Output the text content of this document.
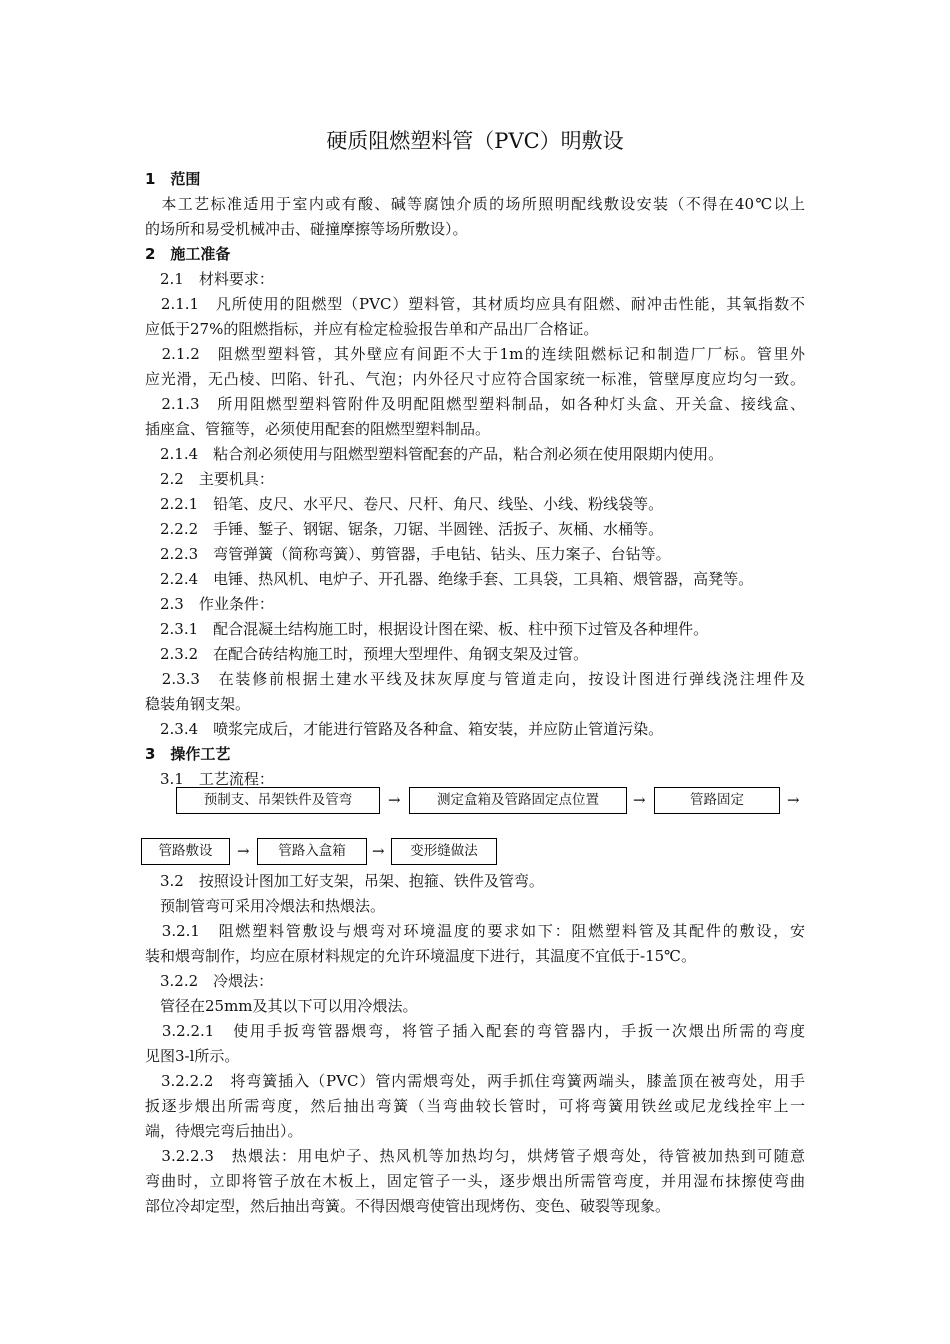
硬质阻燃塑料管（PVC）明敷设
1　范围
　本工艺标准适用于室内或有酸、碱等腐蚀介质的场所照明配线敷设安装（不得在40℃以上
的场所和易受机械冲击、碰撞摩擦等场所敷设）。
2　施工准备
　2.1　材料要求：
　2.1.1　凡所使用的阻燃型（PVC）塑料管，其材质均应具有阻燃、耐冲击性能，其氧指数不
应低于27%的阻燃指标，并应有检定检验报告单和产品出厂合格证。
　2.1.2　阻燃型塑料管，其外壁应有间距不大于1m的连续阻燃标记和制造厂厂标。管里外
应光滑，无凸棱、凹陷、针孔、气泡；内外径尺寸应符合国家统一标准，管壁厚度应均匀一致。
　2.1.3　所用阻燃型塑料管附件及明配阻燃型塑料制品，如各种灯头盒、开关盒、接线盒、
插座盒、管箍等，必须使用配套的阻燃型塑料制品。
　2.1.4　粘合剂必须使用与阻燃型塑料管配套的产品，粘合剂必须在使用限期内使用。
　2.2　主要机具：
　2.2.1　铅笔、皮尺、水平尺、卷尺、尺杆、角尺、线坠、小线、粉线袋等。
　2.2.2　手锤、錾子、钢锯、锯条，刀锯、半圆锉、活扳子、灰桶、水桶等。
　2.2.3　弯管弹簧（简称弯簧）、剪管器，手电钻、钻头、压力案子、台钻等。
　2.2.4　电锤、热风机、电炉子、开孔器、绝缘手套、工具袋，工具箱、煨管器，高凳等。
　2.3　作业条件：
　2.3.1　配合混凝土结构施工时，根据设计图在梁、板、柱中预下过管及各种埋件。
　2.3.2　在配合砖结构施工时，预埋大型埋件、角钢支架及过管。
　2.3.3　在装修前根据土建水平线及抹灰厚度与管道走向，按设计图进行弹线浇注埋件及
稳装角钢支架。
　2.3.4　喷浆完成后，才能进行管路及各种盒、箱安装，并应防止管道污染。
3　操作工艺
　3.1　工艺流程：
预制支、吊架铁件及管弯	→	测定盒箱及管路固定点位置	→	管路固定	→
管路敷设	→	管路入盒箱	→	变形缝做法
　3.2　按照设计图加工好支架，吊架、抱箍、铁件及管弯。
　预制管弯可采用冷煨法和热煨法。
　3.2.1　阻燃塑料管敷设与煨弯对环境温度的要求如下：阻燃塑料管及其配件的敷设，安
装和煨弯制作，均应在原材料规定的允许环境温度下进行，其温度不宜低于-15℃。
　3.2.2　冷煨法：
　管径在25mm及其以下可以用冷煨法。
　3.2.2.1　使用手扳弯管器煨弯，将管子插入配套的弯管器内，手扳一次煨出所需的弯度
见图3-l所示。
　3.2.2.2　将弯簧插入（PVC）管内需煨弯处，两手抓住弯簧两端头，膝盖顶在被弯处，用手
扳逐步煨出所需弯度，然后抽出弯簧（当弯曲较长管时，可将弯簧用铁丝或尼龙线拴牢上一
端，待煨完弯后抽出）。
　3.2.2.3　热煨法：用电炉子、热风机等加热均匀，烘烤管子煨弯处，待管被加热到可随意
弯曲时，立即将管子放在木板上，固定管子一头，逐步煨出所需管弯度，并用湿布抹擦使弯曲
部位冷却定型，然后抽出弯簧。不得因煨弯使管出现烤伤、变色、破裂等现象。
